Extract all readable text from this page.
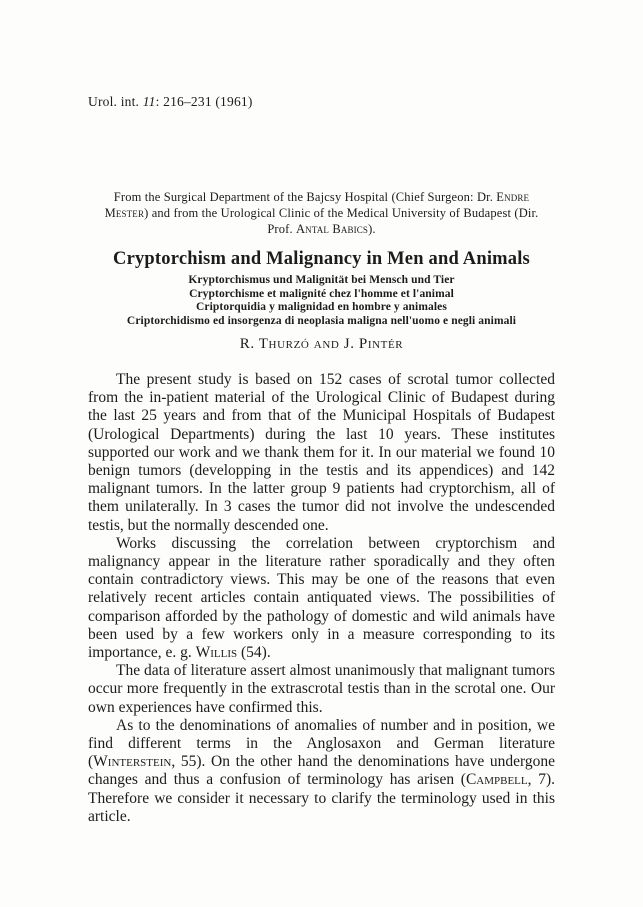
Urol. int. 11: 216–231 (1961)
From the Surgical Department of the Bajcsy Hospital (Chief Surgeon: Dr. Endre
Mester) and from the Urological Clinic of the Medical University of Budapest (Dir.
Prof. Antal Babics).
Cryptorchism and Malignancy in Men and Animals
Kryptorchismus und Malignität bei Mensch und Tier
Cryptorchisme et malignité chez l'homme et l'animal
Criptorquidia y malignidad en hombre y animales
Criptorchidismo ed insorgenza di neoplasia maligna nell'uomo e negli animali
R. Thurzó and J. Pintér

The present study is based on 152 cases of scrotal tumor collected from the in-patient material of the Urological Clinic of Budapest during the last 25 years and from that of the Municipal Hospitals of Budapest (Urological Departments) during the last 10 years. These institutes supported our work and we thank them for it. In our material we found 10 benign tumors (developping in the testis and its appendices) and 142 malignant tumors. In the latter group 9 patients had cryptorchism, all of them unilaterally. In 3 cases the tumor did not involve the undescended testis, but the normally descended one.

Works discussing the correlation between cryptorchism and malignancy appear in the literature rather sporadically and they often contain contradictory views. This may be one of the reasons that even relatively recent articles contain antiquated views. The possibilities of comparison afforded by the pathology of domestic and wild animals have been used by a few workers only in a measure corresponding to its importance, e. g. Willis (54).

The data of literature assert almost unanimously that malignant tumors occur more frequently in the extrascrotal testis than in the scrotal one. Our own experiences have confirmed this.

As to the denominations of anomalies of number and in position, we find different terms in the Anglosaxon and German literature (Winterstein, 55). On the other hand the denominations have undergone changes and thus a confusion of terminology has arisen (Campbell, 7). Therefore we consider it necessary to clarify the terminology used in this article.
